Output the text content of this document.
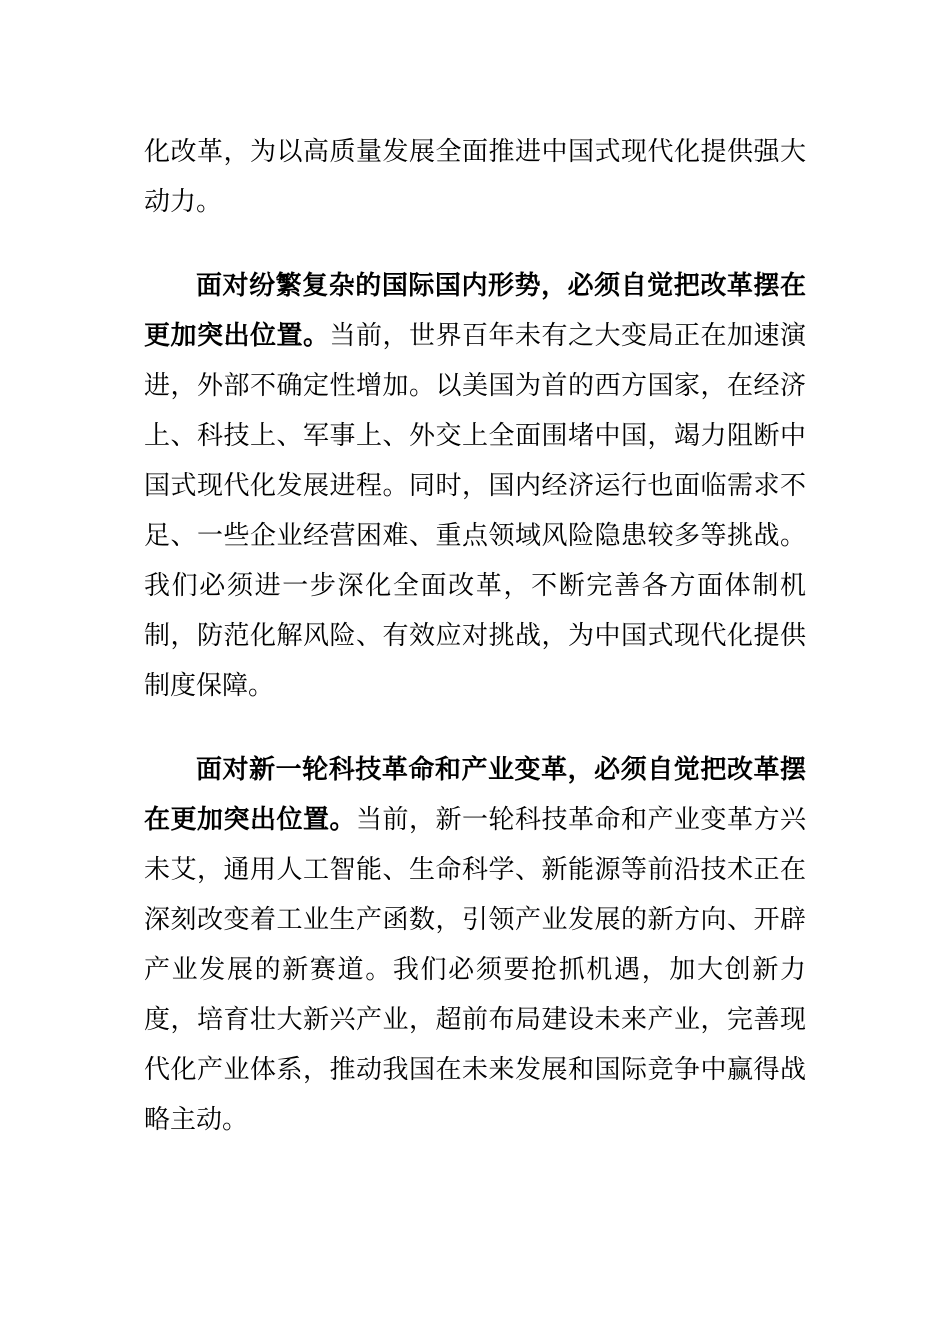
化改革，为以高质量发展全面推进中国式现代化提供强大动力。

面对纷繁复杂的国际国内形势，必须自觉把改革摆在更加突出位置。当前，世界百年未有之大变局正在加速演进，外部不确定性增加。以美国为首的西方国家，在经济上、科技上、军事上、外交上全面围堵中国，竭力阻断中国式现代化发展进程。同时，国内经济运行也面临需求不足、一些企业经营困难、重点领域风险隐患较多等挑战。我们必须进一步深化全面改革，不断完善各方面体制机制，防范化解风险、有效应对挑战，为中国式现代化提供制度保障。

面对新一轮科技革命和产业变革，必须自觉把改革摆在更加突出位置。当前，新一轮科技革命和产业变革方兴未艾，通用人工智能、生命科学、新能源等前沿技术正在深刻改变着工业生产函数，引领产业发展的新方向、开辟产业发展的新赛道。我们必须要抢抓机遇，加大创新力度，培育壮大新兴产业，超前布局建设未来产业，完善现代化产业体系，推动我国在未来发展和国际竞争中赢得战略主动。
